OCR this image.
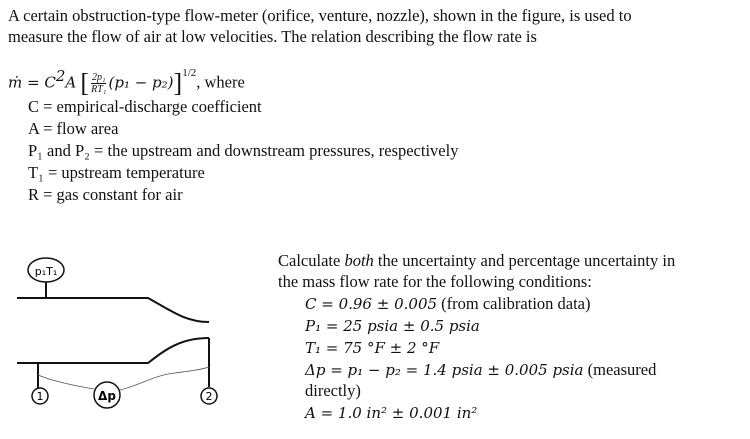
A certain obstruction-type flow-meter (orifice, venture, nozzle), shown in the figure, is used to
measure the flow of air at low velocities. The relation describing the flow rate is
ṁ = $C^2A$ [ $\frac{\text{2p₁}}{\text{RT₁}} (p_1 - p_2)]^{1/2}$, where
C = empirical-discharge coefficient
A = flow area
P₁ and P₂ = the upstream and downstream pressures, respectively
T₁ = upstream temperature
R = gas constant for air
p₁T₁
1	2
Δp
Calculate both the uncertainty and percentage uncertainty in
the mass flow rate for the following conditions:
C = 0.96 ± 0.005 (from calibration data)
P₁ = 25 psia ± 0.5 psia
T₁ = 75 °F ± 2 °F
Δp = p₁ − p₂ = 1.4 psia ± 0.005 psia (measured
directly)
A = 1.0 in² ± 0.001 in²
